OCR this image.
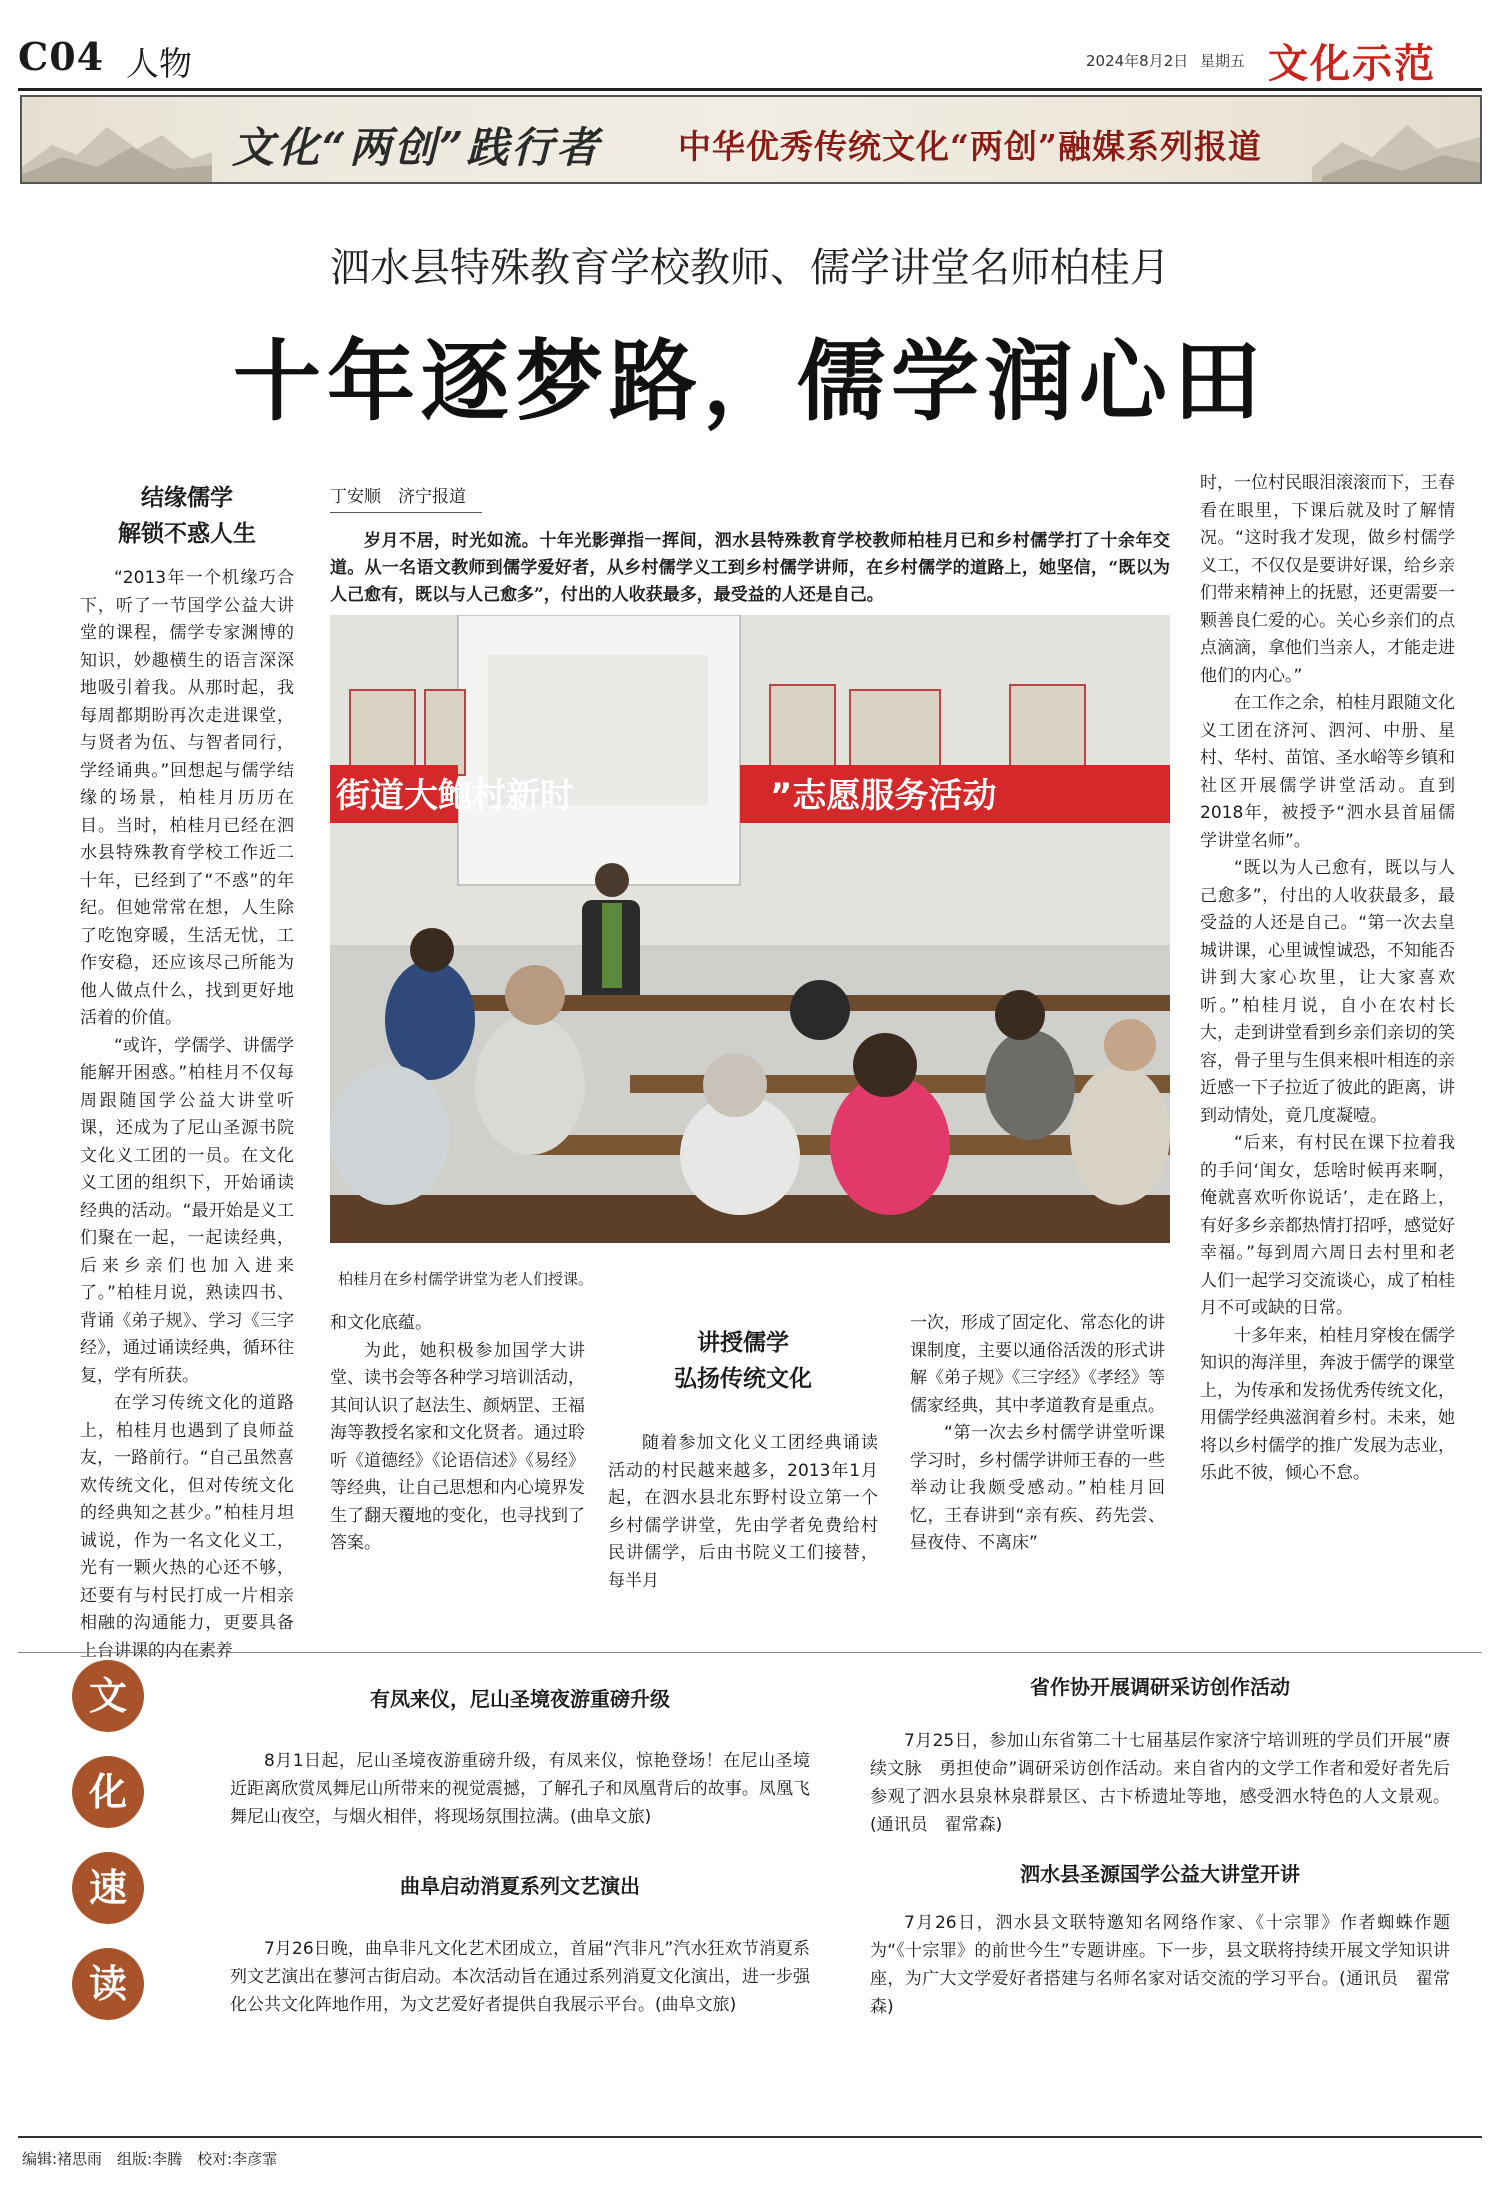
C04 人物	2024年8月2日 星期五 文化示范
文化“两创”践行者 中华优秀传统文化“两创”融媒系列报道
泗水县特殊教育学校教师、儒学讲堂名师柏桂月
十年逐梦路，儒学润心田
结缘儒学
解锁不惑人生

“2013年一个机缘巧合下，听了一节国学公益大讲堂的课程，儒学专家渊博的知识，妙趣横生的语言深深地吸引着我。从那时起，我每周都期盼再次走进课堂，与贤者为伍、与智者同行，学经诵典。”回想起与儒学结缘的场景，柏桂月历历在目。当时，柏桂月已经在泗水县特殊教育学校工作近二十年，已经到了“不惑”的年纪。但她常常在想，人生除了吃饱穿暖，生活无忧，工作安稳，还应该尽己所能为他人做点什么，找到更好地活着的价值。

“或许，学儒学、讲儒学能解开困惑。”柏桂月不仅每周跟随国学公益大讲堂听课，还成为了尼山圣源书院文化义工团的一员。在文化义工团的组织下，开始诵读经典的活动。“最开始是义工们聚在一起，一起读经典，后来乡亲们也加入进来了。”柏桂月说，熟读四书、背诵《弟子规》、学习《三字经》，通过诵读经典，循环往复，学有所获。

在学习传统文化的道路上，柏桂月也遇到了良师益友，一路前行。“自己虽然喜欢传统文化，但对传统文化的经典知之甚少。”柏桂月坦诚说，作为一名文化义工，光有一颗火热的心还不够，还要有与村民打成一片相亲相融的沟通能力，更要具备上台讲课的内在素养

丁安顺　济宁报道
岁月不居，时光如流。十年光影弹指一挥间，泗水县特殊教育学校教师柏桂月已和乡村儒学打了十余年交道。从一名语文教师到儒学爱好者，从乡村儒学义工到乡村儒学讲师，在乡村儒学的道路上，她坚信，“既以为人己愈有，既以与人己愈多”，付出的人收获最多，最受益的人还是自己。
街道大鲍村新时	”志愿服务活动
柏桂月在乡村儒学讲堂为老人们授课。

和文化底蕴。

为此，她积极参加国学大讲堂、读书会等各种学习培训活动，其间认识了赵法生、颜炳罡、王福海等教授名家和文化贤者。通过聆听《道德经》《论语信述》《易经》等经典，让自己思想和内心境界发生了翻天覆地的变化，也寻找到了答案。

讲授儒学
弘扬传统文化

随着参加文化义工团经典诵读活动的村民越来越多，2013年1月起，在泗水县北东野村设立第一个乡村儒学讲堂，先由学者免费给村民讲儒学，后由书院义工们接替，每半月

一次，形成了固定化、常态化的讲课制度，主要以通俗活泼的形式讲解《弟子规》《三字经》《孝经》等儒家经典，其中孝道教育是重点。

“第一次去乡村儒学讲堂听课学习时，乡村儒学讲师王春的一些举动让我颇受感动。”柏桂月回忆，王春讲到“亲有疾、药先尝、昼夜侍、不离床”

时，一位村民眼泪滚滚而下，王春看在眼里，下课后就及时了解情况。“这时我才发现，做乡村儒学义工，不仅仅是要讲好课，给乡亲们带来精神上的抚慰，还更需要一颗善良仁爱的心。关心乡亲们的点点滴滴，拿他们当亲人，才能走进他们的内心。”

在工作之余，柏桂月跟随文化义工团在济河、泗河、中册、星村、华村、苗馆、圣水峪等乡镇和社区开展儒学讲堂活动。直到2018年，被授予“泗水县首届儒学讲堂名师”。

“既以为人己愈有，既以与人己愈多”，付出的人收获最多，最受益的人还是自己。“第一次去皇城讲课，心里诚惶诚恐，不知能否讲到大家心坎里，让大家喜欢听。”柏桂月说，自小在农村长大，走到讲堂看到乡亲们亲切的笑容，骨子里与生俱来根叶相连的亲近感一下子拉近了彼此的距离，讲到动情处，竟几度凝噎。

“后来，有村民在课下拉着我的手问‘闺女，恁啥时候再来啊，俺就喜欢听你说话’，走在路上，有好多乡亲都热情打招呼，感觉好幸福。”每到周六周日去村里和老人们一起学习交流谈心，成了柏桂月不可或缺的日常。

十多年来，柏桂月穿梭在儒学知识的海洋里，奔波于儒学的课堂上，为传承和发扬优秀传统文化，用儒学经典滋润着乡村。未来，她将以乡村儒学的推广发展为志业，乐此不彼，倾心不怠。

文
化
速
读
有凤来仪，尼山圣境夜游重磅升级
8月1日起，尼山圣境夜游重磅升级，有凤来仪，惊艳登场！在尼山圣境近距离欣赏凤舞尼山所带来的视觉震撼，了解孔子和凤凰背后的故事。凤凰飞舞尼山夜空，与烟火相伴，将现场氛围拉满。(曲阜文旅)
曲阜启动消夏系列文艺演出
7月26日晚，曲阜非凡文化艺术团成立，首届“汽非凡”汽水狂欢节消夏系列文艺演出在蓼河古街启动。本次活动旨在通过系列消夏文化演出，进一步强化公共文化阵地作用，为文艺爱好者提供自我展示平台。(曲阜文旅)
省作协开展调研采访创作活动
7月25日，参加山东省第二十七届基层作家济宁培训班的学员们开展“赓续文脉　勇担使命”调研采访创作活动。来自省内的文学工作者和爱好者先后参观了泗水县泉林泉群景区、古卞桥遗址等地，感受泗水特色的人文景观。(通讯员　翟常森)
泗水县圣源国学公益大讲堂开讲
7月26日，泗水县文联特邀知名网络作家、《十宗罪》作者蜘蛛作题为“《十宗罪》的前世今生”专题讲座。下一步，县文联将持续开展文学知识讲座，为广大文学爱好者搭建与名师名家对话交流的学习平台。(通讯员　翟常森)
编辑:褚思雨　组版:李腾　校对:李彦霏
